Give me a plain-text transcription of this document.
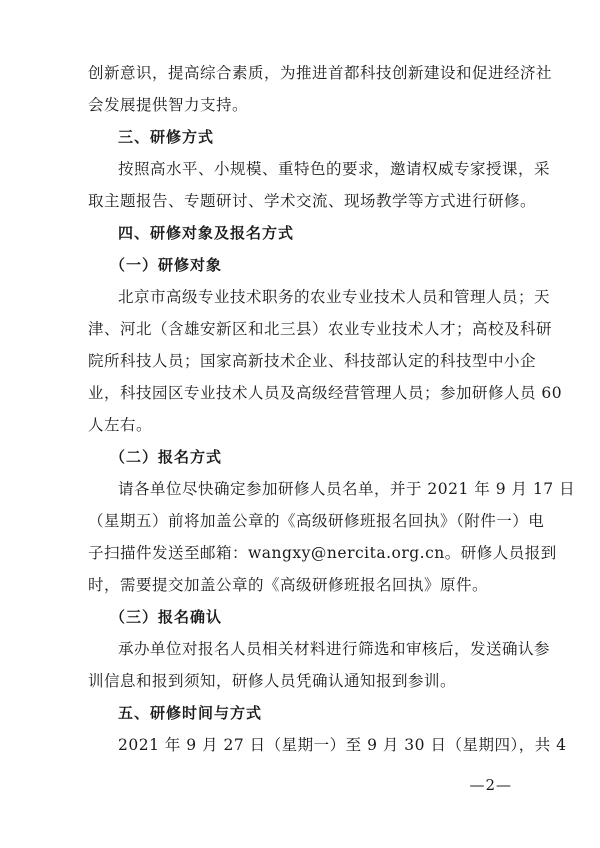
创新意识，提高综合素质，为推进首都科技创新建设和促进经济社
会发展提供智力支持。
三、研修方式
按照高水平、小规模、重特色的要求，邀请权威专家授课，采
取主题报告、专题研讨、学术交流、现场教学等方式进行研修。
四、研修对象及报名方式
（一）研修对象
北京市高级专业技术职务的农业专业技术人员和管理人员；天
津、河北（含雄安新区和北三县）农业专业技术人才；高校及科研
院所科技人员；国家高新技术企业、科技部认定的科技型中小企
业，科技园区专业技术人员及高级经营管理人员；参加研修人员 60
人左右。
（二）报名方式
请各单位尽快确定参加研修人员名单，并于 2021 年 9 月 17 日
（星期五）前将加盖公章的《高级研修班报名回执》（附件一）电
子扫描件发送至邮箱：wangxy@nercita.org.cn。研修人员报到
时，需要提交加盖公章的《高级研修班报名回执》原件。
（三）报名确认
承办单位对报名人员相关材料进行筛选和审核后，发送确认参
训信息和报到须知，研修人员凭确认通知报到参训。
五、研修时间与方式
2021 年 9 月 27 日（星期一）至 9 月 30 日（星期四），共 4
—2—
